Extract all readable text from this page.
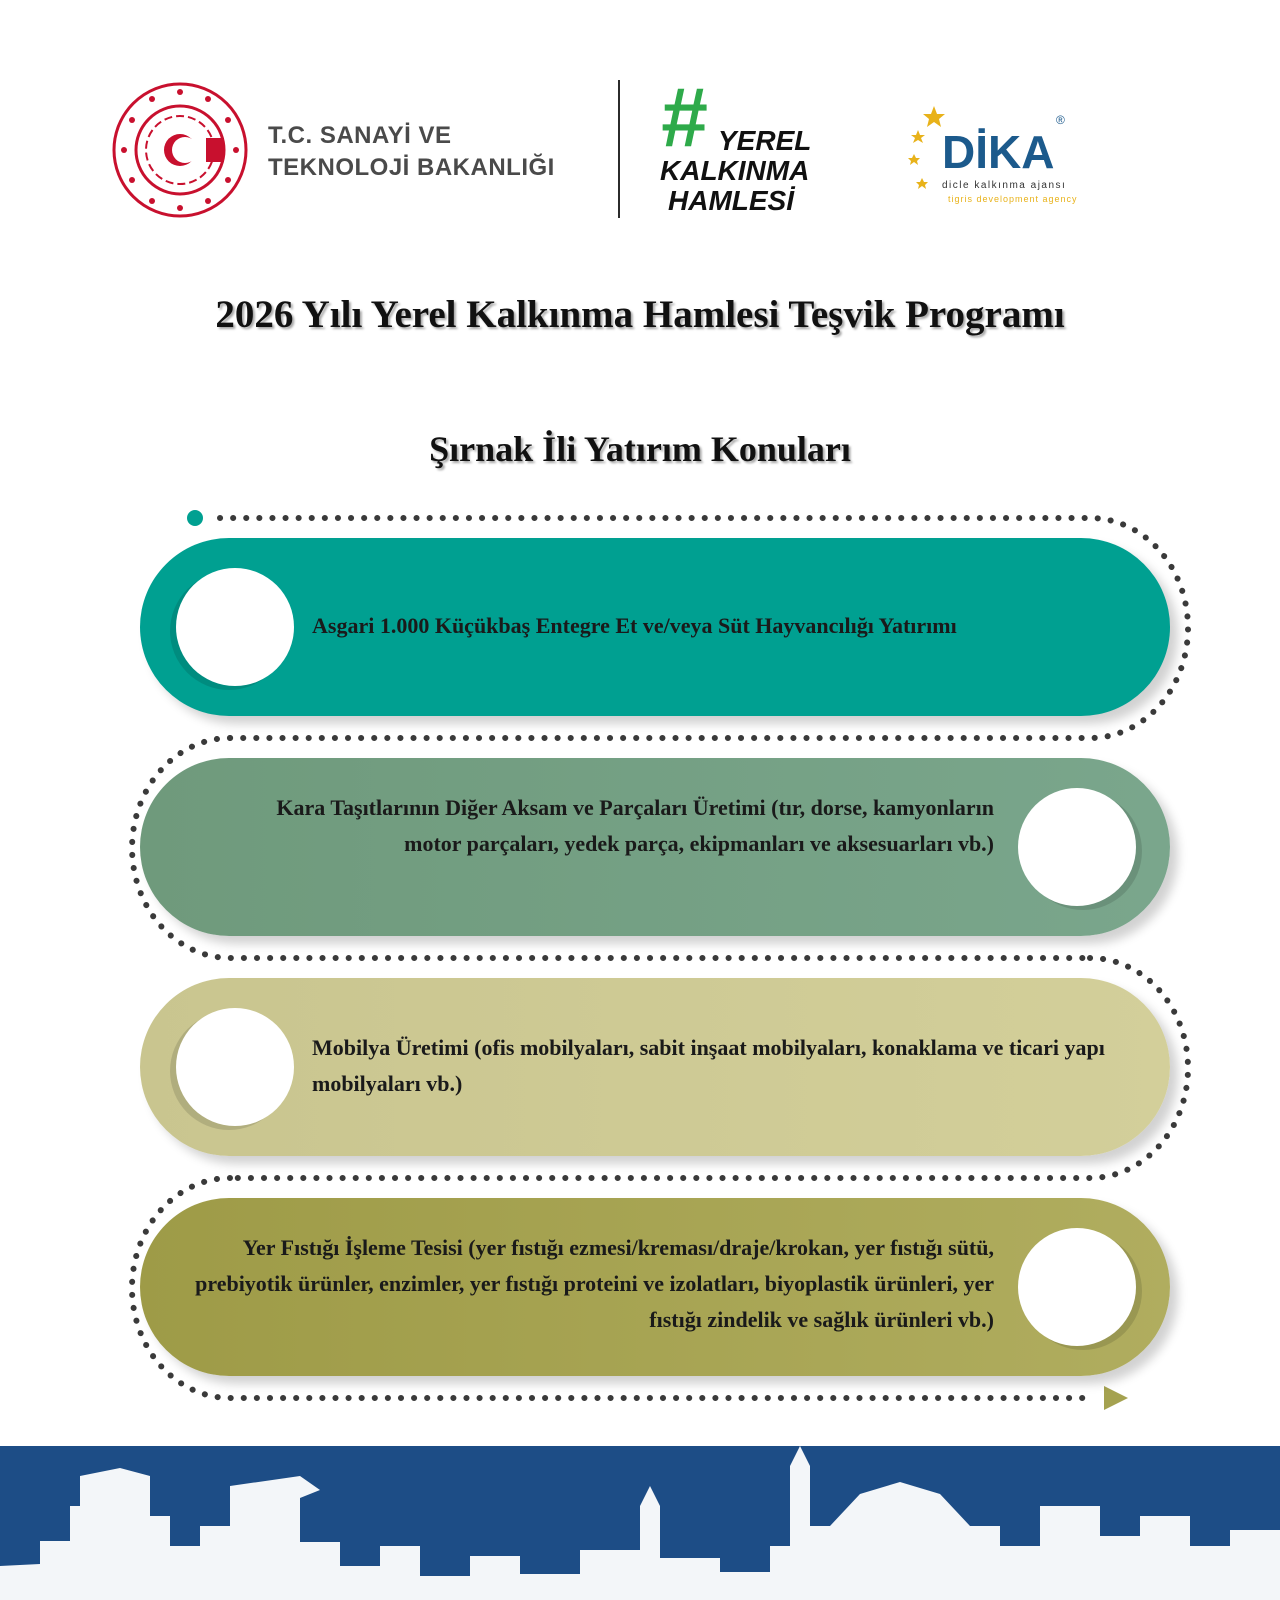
T.C. SANAYİ VE
TEKNOLOJİ BAKANLIĞI
# YEREL
KALKINMA
HAMLESİ
DİKA
®
dicle kalkınma ajansı
tigris development agency
2026 Yılı Yerel Kalkınma Hamlesi Teşvik Programı
Şırnak İli Yatırım Konuları
Asgari 1.000 Küçükbaş Entegre Et ve/veya Süt Hayvancılığı Yatırımı
Kara Taşıtlarının Diğer Aksam ve Parçaları Üretimi (tır, dorse, kamyonların motor parçaları, yedek parça, ekipmanları ve aksesuarları vb.)
Mobilya Üretimi (ofis mobilyaları, sabit inşaat mobilyaları, konaklama ve ticari yapı mobilyaları vb.)
Yer Fıstığı İşleme Tesisi (yer fıstığı ezmesi/kreması/draje/krokan, yer fıstığı sütü, prebiyotik ürünler, enzimler, yer fıstığı proteini ve izolatları, biyoplastik ürünleri, yer fıstığı zindelik ve sağlık ürünleri vb.)
